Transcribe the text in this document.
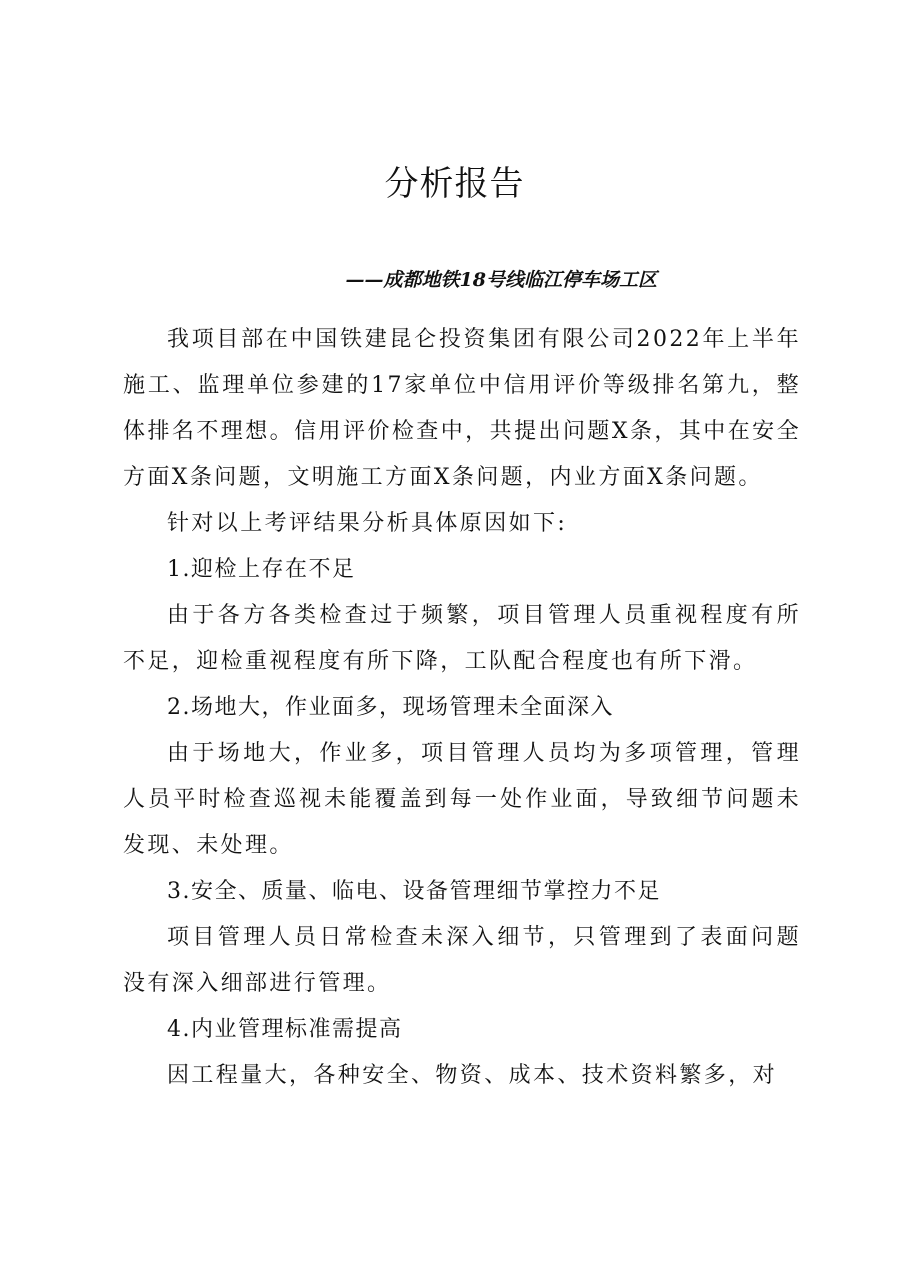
分析报告
——成都地铁18号线临江停车场工区

我项目部在中国铁建昆仑投资集团有限公司2022年上半年施工、监理单位参建的17家单位中信用评价等级排名第九，整体排名不理想。信用评价检查中，共提出问题X条，其中在安全方面X条问题，文明施工方面X条问题，内业方面X条问题。

针对以上考评结果分析具体原因如下:

1.迎检上存在不足

由于各方各类检查过于频繁，项目管理人员重视程度有所不足，迎检重视程度有所下降，工队配合程度也有所下滑。

2.场地大，作业面多，现场管理未全面深入

由于场地大，作业多，项目管理人员均为多项管理，管理人员平时检查巡视未能覆盖到每一处作业面，导致细节问题未发现、未处理。

3.安全、质量、临电、设备管理细节掌控力不足

项目管理人员日常检查未深入细节，只管理到了表面问题没有深入细部进行管理。

4.内业管理标准需提高

因工程量大，各种安全、物资、成本、技术资料繁多，对
